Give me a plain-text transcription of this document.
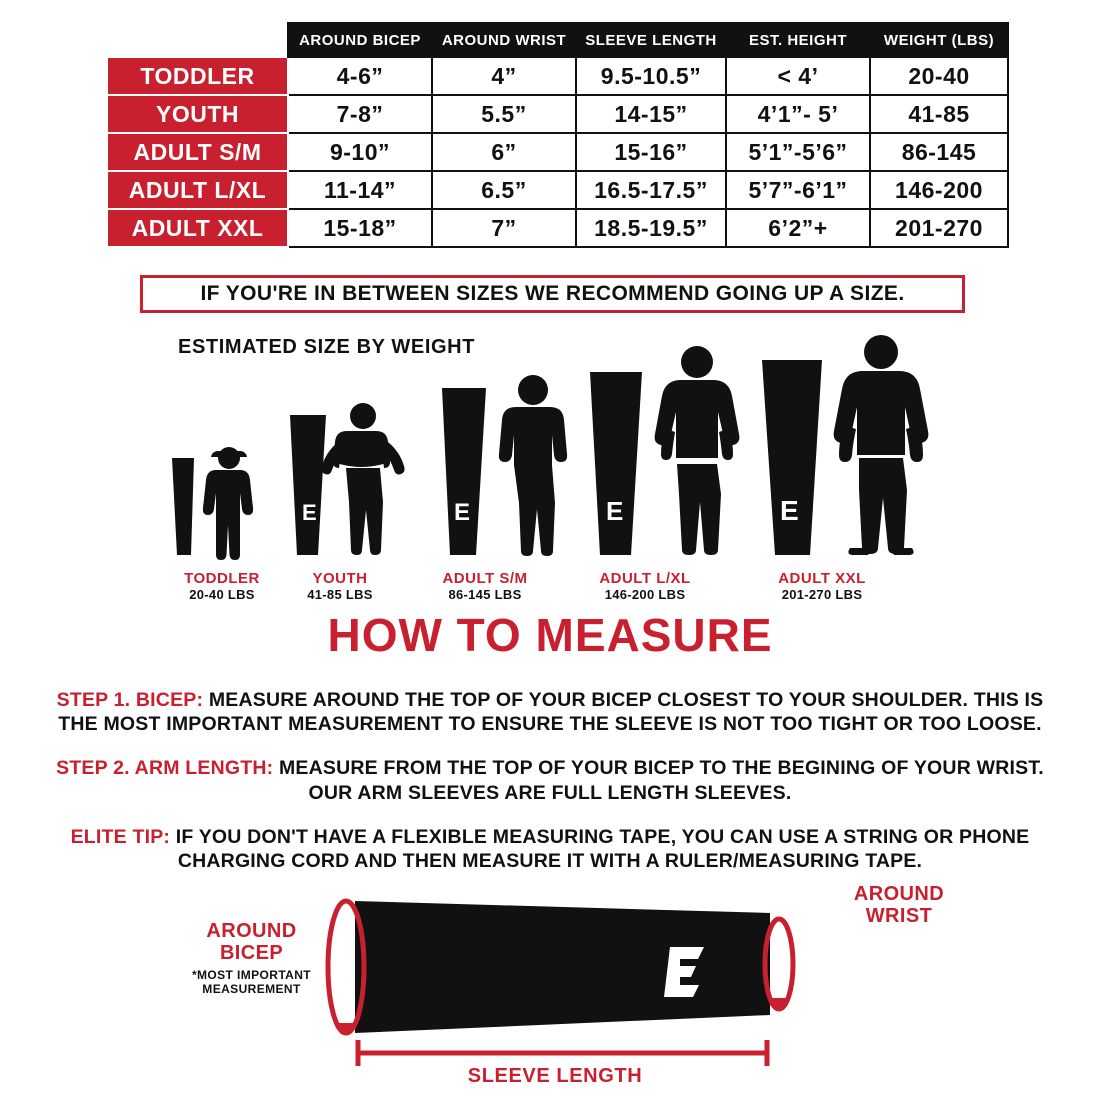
	AROUND BICEP	AROUND WRIST	SLEEVE LENGTH	EST. HEIGHT	WEIGHT (LBS)
TODDLER	4-6”	4”	9.5-10.5”	< 4’	20-40
YOUTH	7-8”	5.5”	14-15”	4’1”- 5’	41-85
ADULT S/M	9-10”	6”	15-16”	5’1”-5’6”	86-145
ADULT L/XL	11-14”	6.5”	16.5-17.5”	5’7”-6’1”	146-200
ADULT XXL	15-18”	7”	18.5-19.5”	6’2”+	201-270
IF YOU'RE IN BETWEEN SIZES WE RECOMMEND GOING UP A SIZE.
ESTIMATED SIZE BY WEIGHT
E	E	E	E
TODDLER
20-40 LBS
YOUTH
41-85 LBS
ADULT S/M
86-145 LBS
ADULT L/XL
146-200 LBS
ADULT XXL
201-270 LBS
HOW TO MEASURE

STEP 1. BICEP: MEASURE AROUND THE TOP OF YOUR BICEP CLOSEST TO YOUR SHOULDER. THIS IS THE MOST IMPORTANT MEASUREMENT TO ENSURE THE SLEEVE IS NOT TOO TIGHT OR TOO LOOSE.

STEP 2. ARM LENGTH: MEASURE FROM THE TOP OF YOUR BICEP TO THE BEGINING OF YOUR WRIST. OUR ARM SLEEVES ARE FULL LENGTH SLEEVES.

ELITE TIP: IF YOU DON'T HAVE A FLEXIBLE MEASURING TAPE, YOU CAN USE A STRING OR PHONE CHARGING CORD AND THEN MEASURE IT WITH A RULER/MEASURING TAPE.

AROUND BICEP
*MOST IMPORTANT MEASUREMENT
AROUND WRIST
SLEEVE LENGTH
